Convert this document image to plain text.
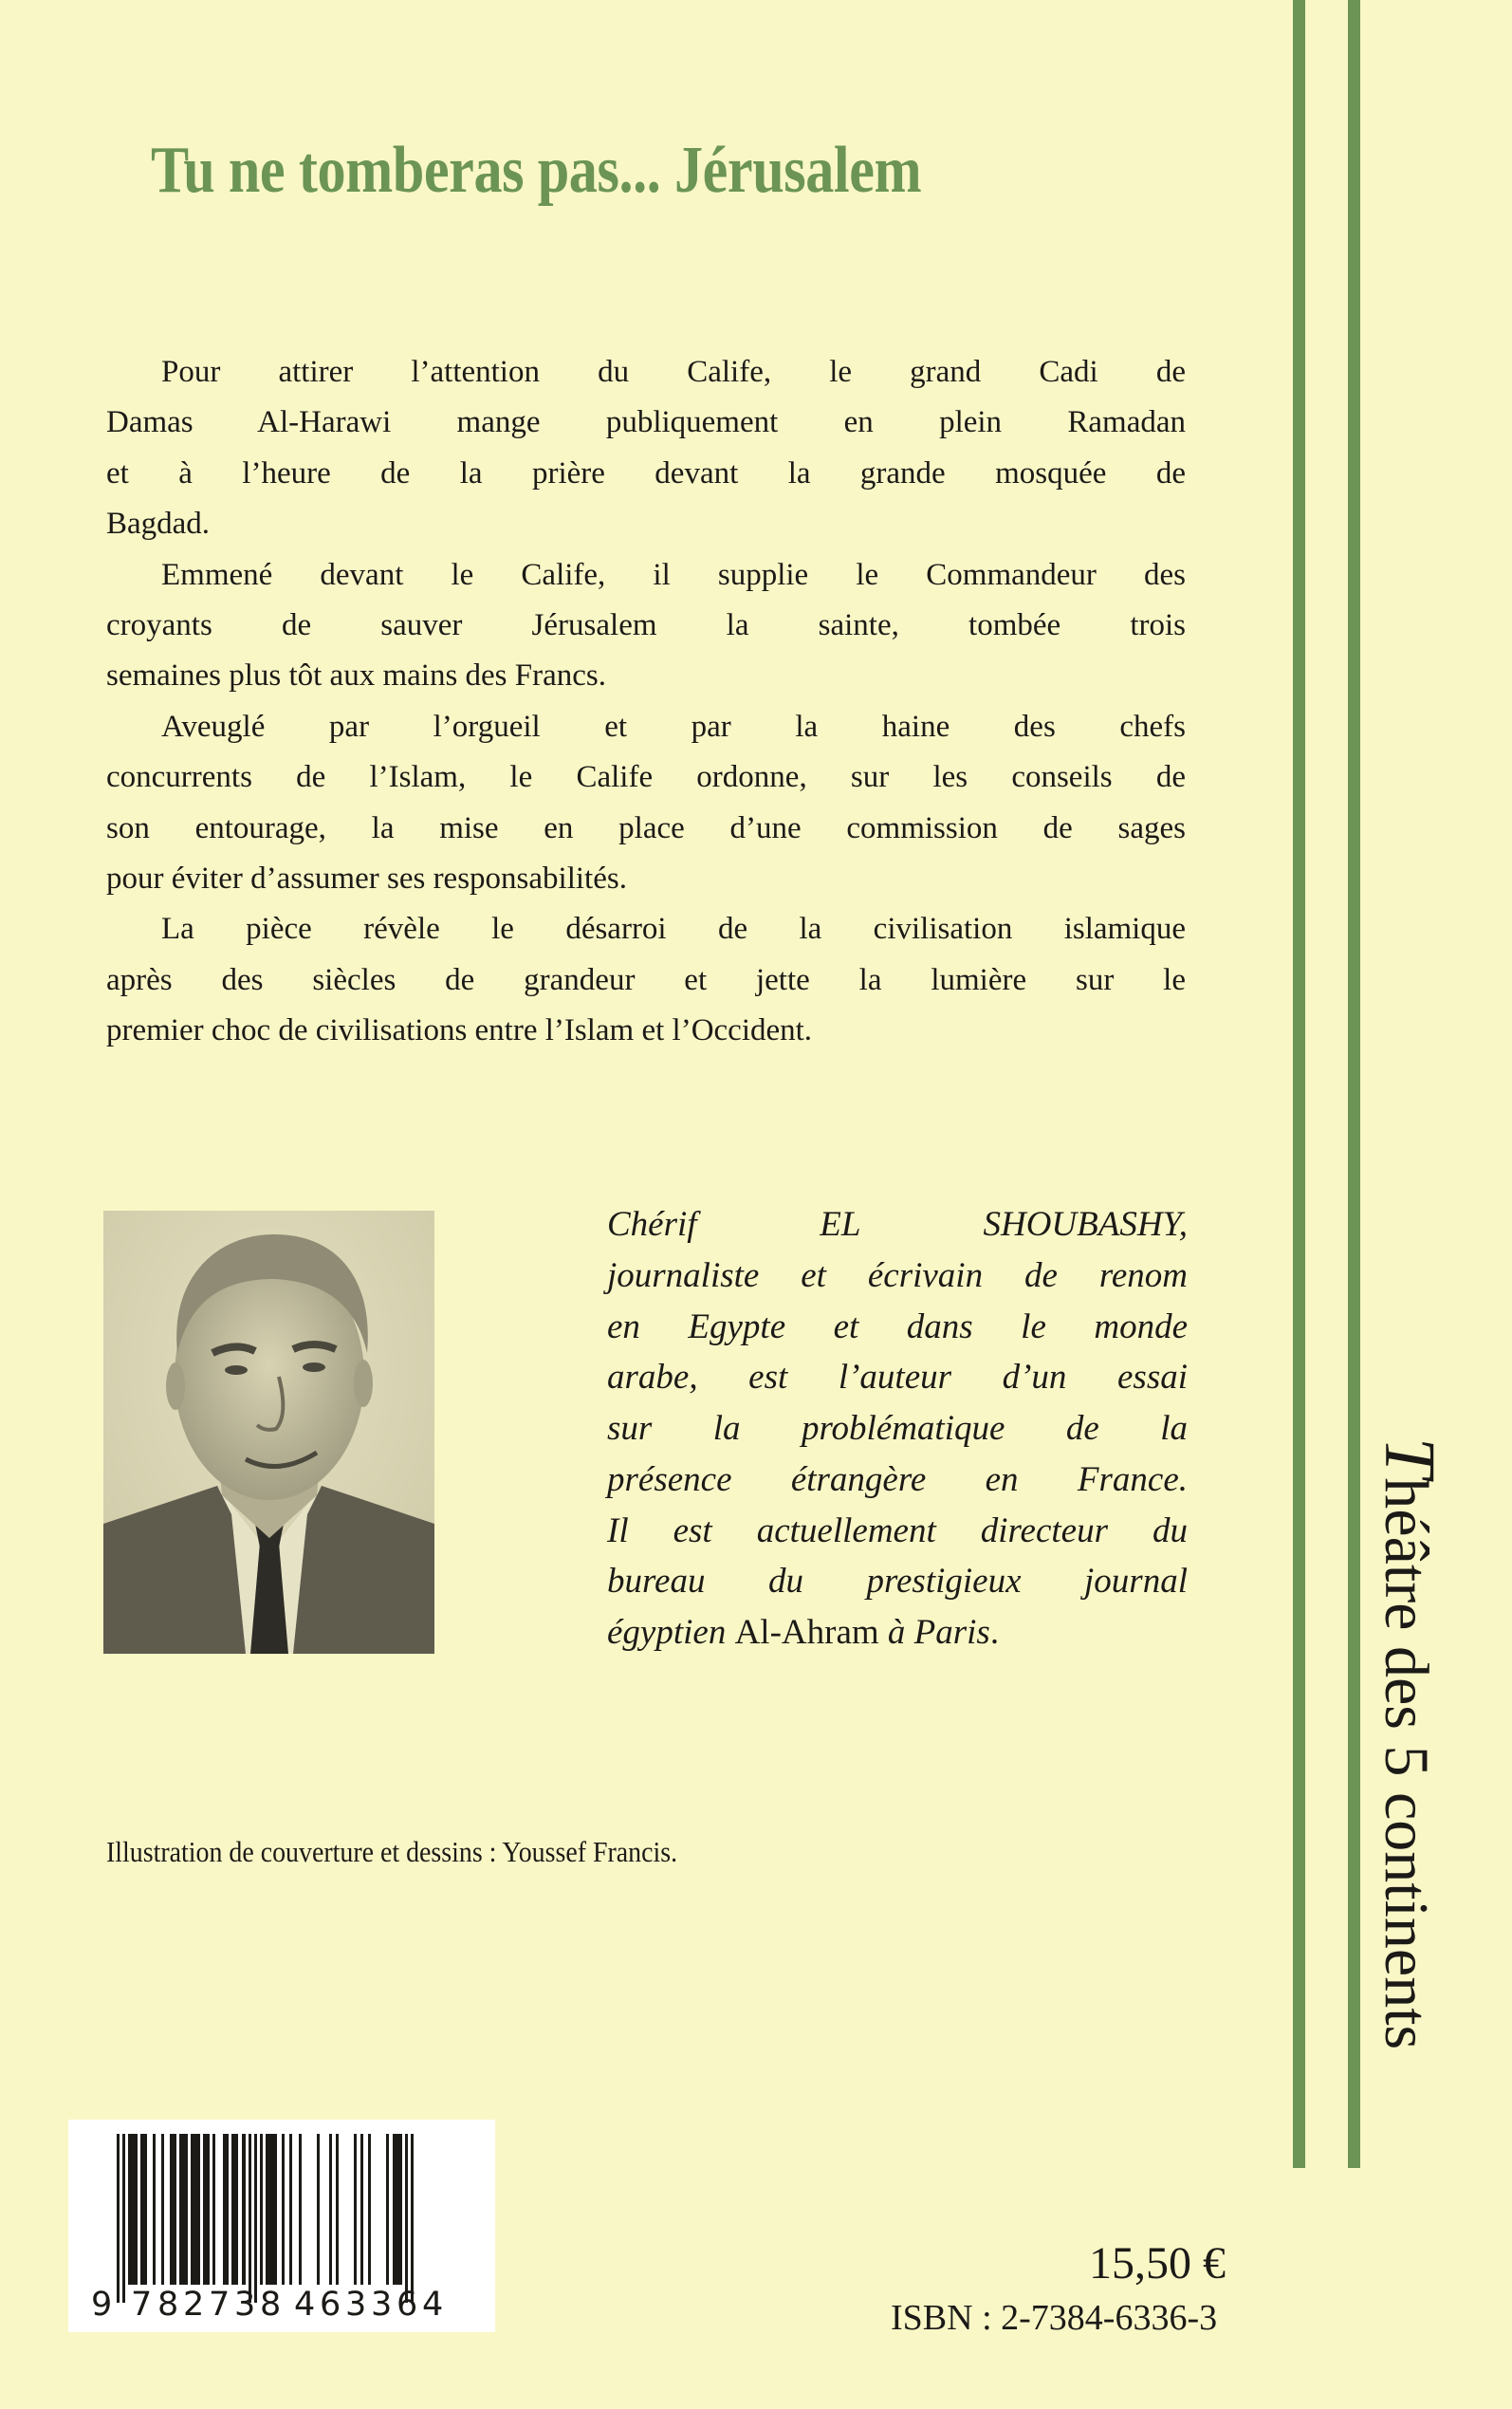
Tu ne tomberas pas... Jérusalem
Pour attirer l’attention du Calife, le grand Cadi de
Damas Al-Harawi mange publiquement en plein Ramadan
et à l’heure de la prière devant la grande mosquée de
Bagdad.
Emmené devant le Calife, il supplie le Commandeur des
croyants de sauver Jérusalem la sainte, tombée trois
semaines plus tôt aux mains des Francs.
Aveuglé par l’orgueil et par la haine des chefs
concurrents de l’Islam, le Calife ordonne, sur les conseils de
son entourage, la mise en place d’une commission de sages
pour éviter d’assumer ses responsabilités.
La pièce révèle le désarroi de la civilisation islamique
après des siècles de grandeur et jette la lumière sur le
premier choc de civilisations entre l’Islam et l’Occident.
Chérif EL SHOUBASHY,
journaliste et écrivain de renom
en Egypte et dans le monde
arabe, est l’auteur d’un essai
sur la problématique de la
présence étrangère en France.
Il est actuellement directeur du
bureau du prestigieux journal
égyptien Al-Ahram à Paris.
Illustration de couverture et dessins : Youssef Francis.
9 7 8 2 7 3 8 4 6 3 3 6 4
15,50 €
ISBN : 2-7384-6336-3
Théâtre des 5 continents
